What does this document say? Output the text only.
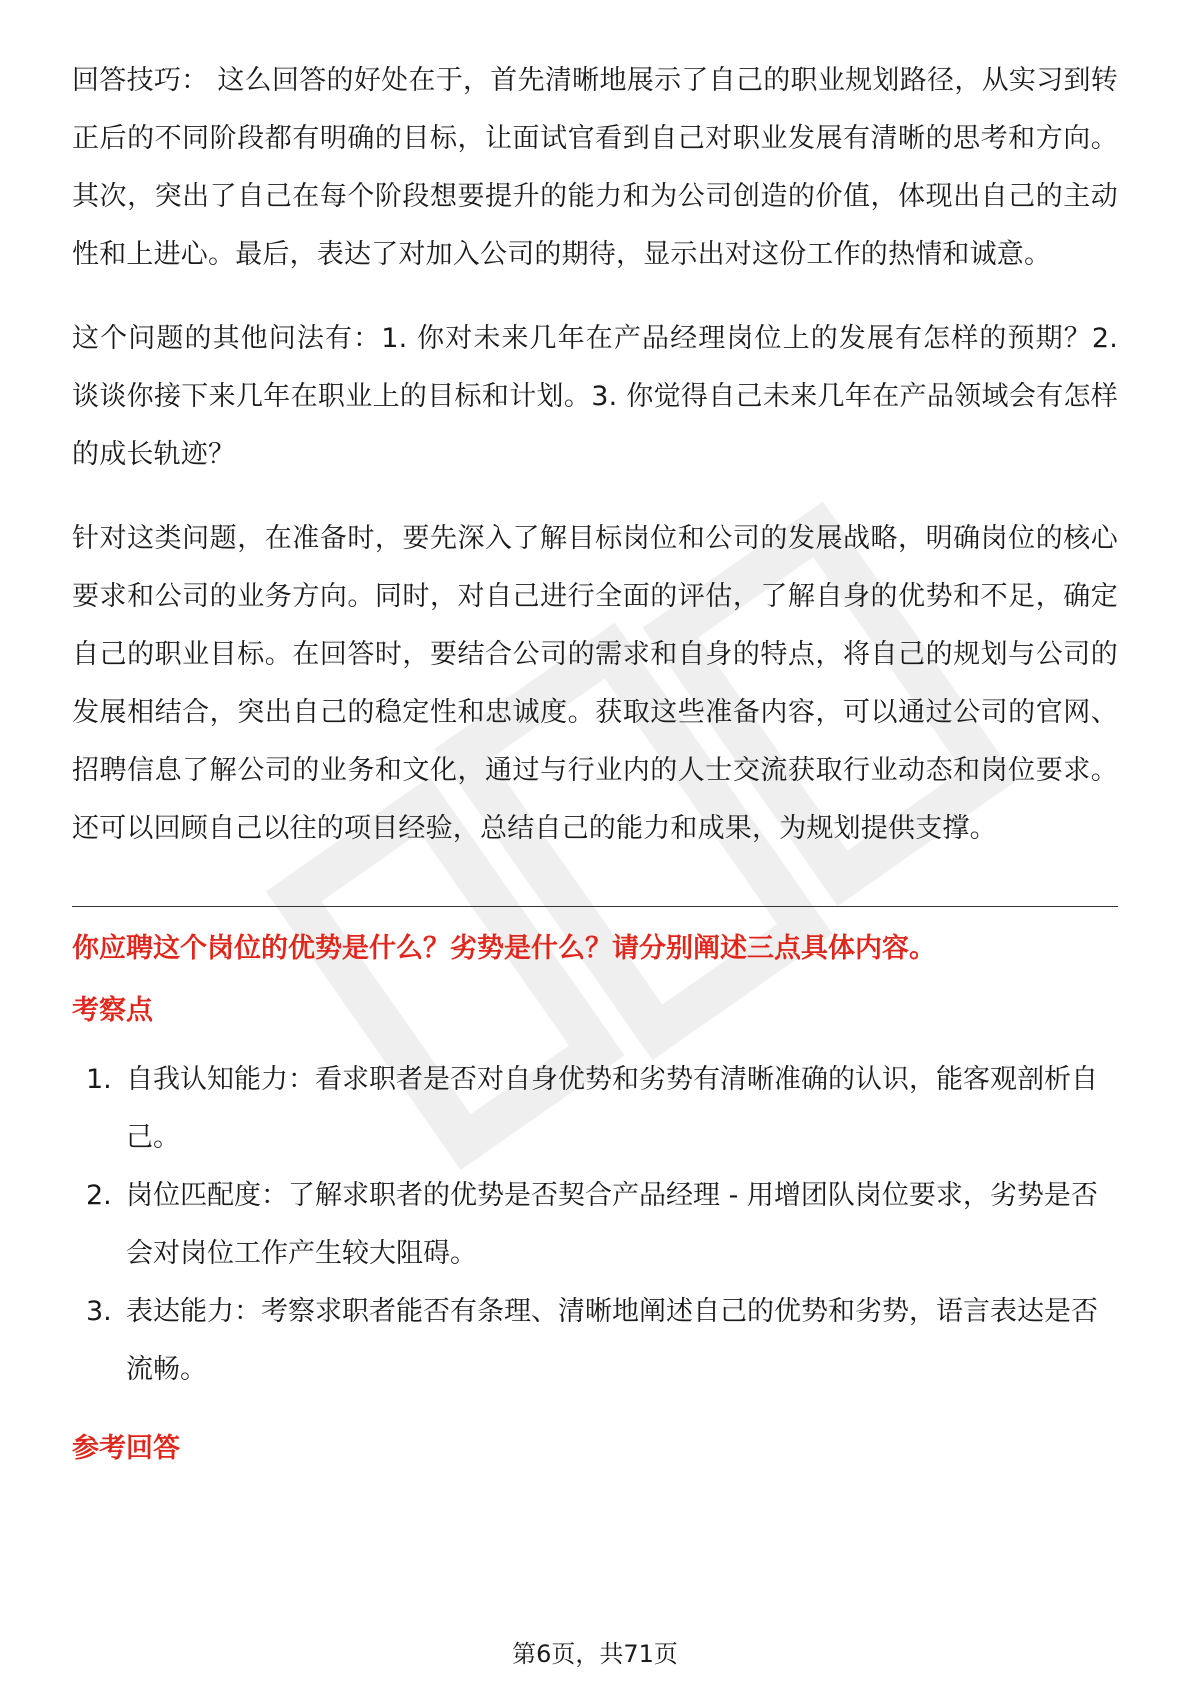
回答技巧： 这么回答的好处在于，首先清晰地展示了自己的职业规划路径，从实习到转正后的不同阶段都有明确的目标，让面试官看到自己对职业发展有清晰的思考和方向。其次，突出了自己在每个阶段想要提升的能力和为公司创造的价值，体现出自己的主动性和上进心。最后，表达了对加入公司的期待，显示出对这份工作的热情和诚意。

这个问题的其他问法有：1. 你对未来几年在产品经理岗位上的发展有怎样的预期？2. 谈谈你接下来几年在职业上的目标和计划。3. 你觉得自己未来几年在产品领域会有怎样的成长轨迹？

针对这类问题，在准备时，要先深入了解目标岗位和公司的发展战略，明确岗位的核心要求和公司的业务方向。同时，对自己进行全面的评估，了解自身的优势和不足，确定自己的职业目标。在回答时，要结合公司的需求和自身的特点，将自己的规划与公司的发展相结合，突出自己的稳定性和忠诚度。获取这些准备内容，可以通过公司的官网、招聘信息了解公司的业务和文化，通过与行业内的人士交流获取行业动态和岗位要求。还可以回顾自己以往的项目经验，总结自己的能力和成果，为规划提供支撑。

你应聘这个岗位的优势是什么？劣势是什么？请分别阐述三点具体内容。

考察点

1. 自我认知能力：看求职者是否对自身优势和劣势有清晰准确的认识，能客观剖析自己。
2. 岗位匹配度：了解求职者的优势是否契合产品经理 - 用增团队岗位要求，劣势是否会对岗位工作产生较大阻碍。
3. 表达能力：考察求职者能否有条理、清晰地阐述自己的优势和劣势，语言表达是否流畅。

参考回答

第6页，共71页
